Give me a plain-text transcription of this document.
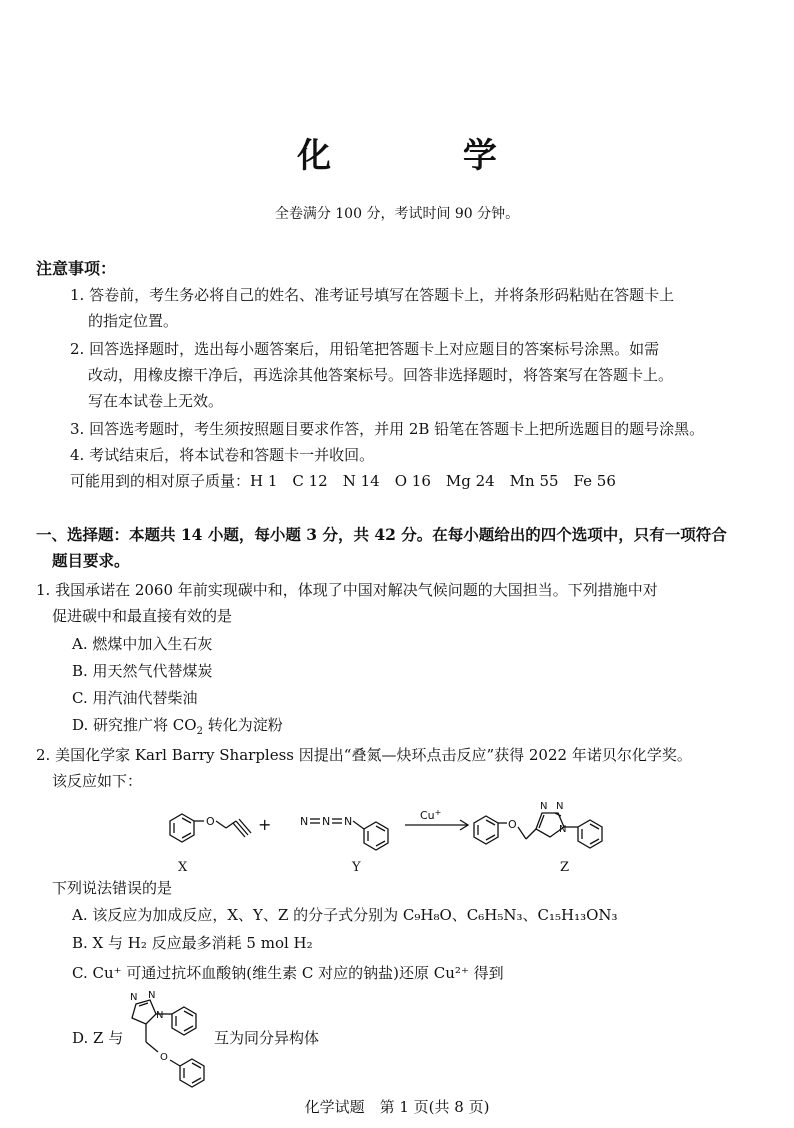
化 学
全卷满分 100 分，考试时间 90 分钟。
注意事项：
1. 答卷前，考生务必将自己的姓名、准考证号填写在答题卡上，并将条形码粘贴在答题卡上
的指定位置。
2. 回答选择题时，选出每小题答案后，用铅笔把答题卡上对应题目的答案标号涂黑。如需
改动，用橡皮擦干净后，再选涂其他答案标号。回答非选择题时，将答案写在答题卡上。
写在本试卷上无效。
3. 回答选考题时，考生须按照题目要求作答，并用 2B 铅笔在答题卡上把所选题目的题号涂黑。
4. 考试结束后，将本试卷和答题卡一并收回。
可能用到的相对原子质量：H 1　C 12　N 14　O 16　Mg 24　Mn 55　Fe 56
一、选择题：本题共 14 小题，每小题 3 分，共 42 分。在每小题给出的四个选项中，只有一项符合
题目要求。
1. 我国承诺在 2060 年前实现碳中和，体现了中国对解决气候问题的大国担当。下列措施中对
促进碳中和最直接有效的是
A. 燃煤中加入生石灰
B. 用天然气代替煤炭
C. 用汽油代替柴油
D. 研究推广将 $CO_2$ 转化为淀粉
2. 美国化学家 Karl Barry Sharpless 因提出“叠氮—炔环点击反应”获得 2022 年诺贝尔化学奖。
该反应如下：
O	+	N N N	Cu+
O
N N
N
X	Y	Z
下列说法错误的是
A. 该反应为加成反应，X、Y、Z 的分子式分别为 C₉H₈O、C₆H₅N₃、C₁₅H₁₃ON₃
B. X 与 H₂ 反应最多消耗 5 mol H₂
C. Cu⁺ 可通过抗坏血酸钠(维生素 C 对应的钠盐)还原 Cu²⁺ 得到
D. Z 与
N N
N
O
互为同分异构体
化学试题　第 1 页(共 8 页)
